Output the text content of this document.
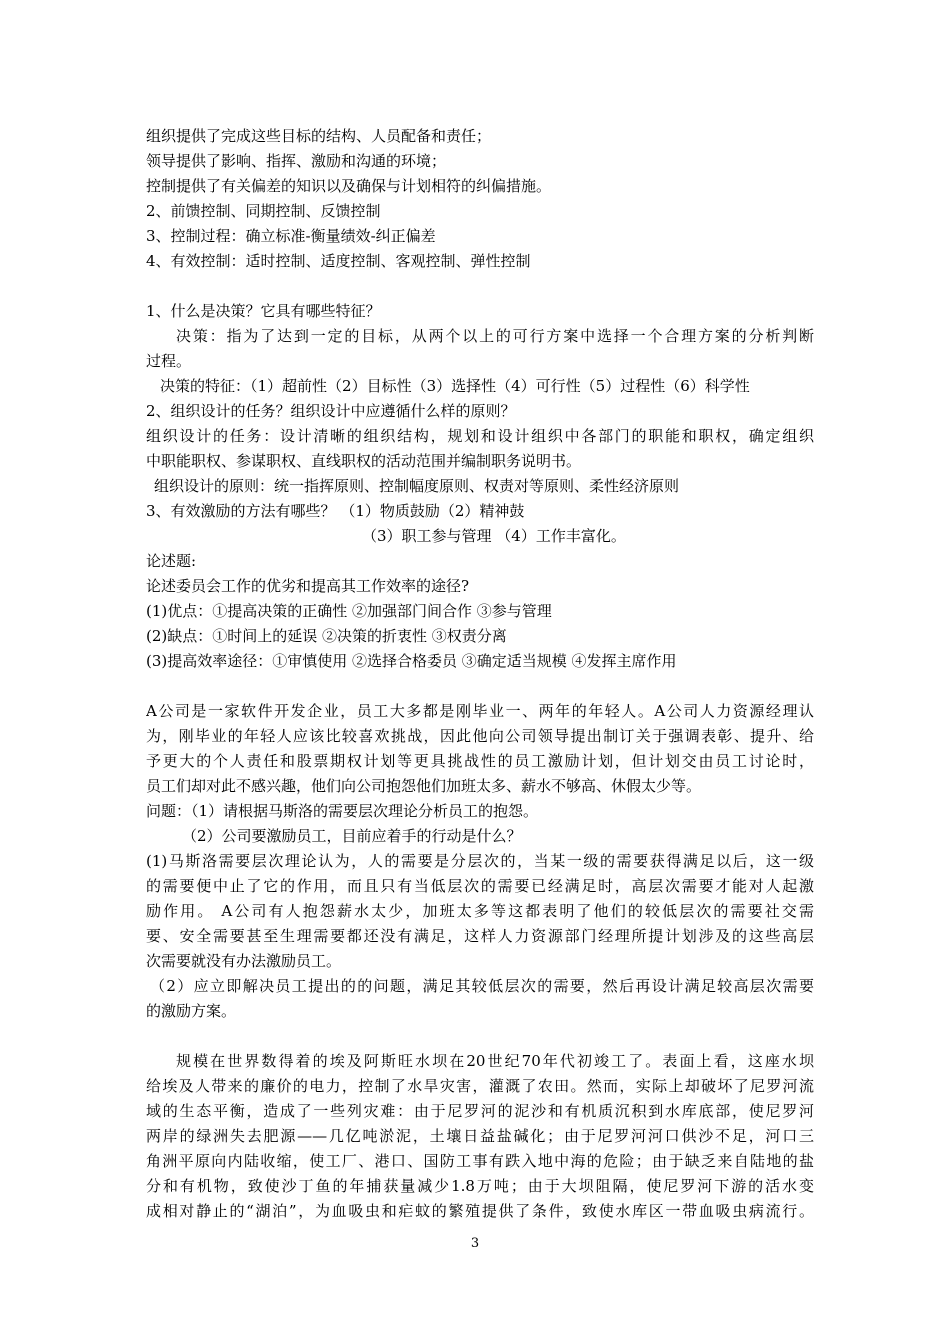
组织提供了完成这些目标的结构、人员配备和责任；
领导提供了影响、指挥、激励和沟通的环境；
控制提供了有关偏差的知识以及确保与计划相符的纠偏措施。
2、前馈控制、同期控制、反馈控制
3、控制过程：确立标准-衡量绩效-纠正偏差
4、有效控制：适时控制、适度控制、客观控制、弹性控制
1、什么是决策？它具有哪些特征？
决策：指为了达到一定的目标，从两个以上的可行方案中选择一个合理方案的分析判断
过程。
决策的特征：（1）超前性（2）目标性（3）选择性（4）可行性（5）过程性（6）科学性
2、组织设计的任务？组织设计中应遵循什么样的原则？
组织设计的任务：设计清晰的组织结构，规划和设计组织中各部门的职能和职权，确定组织
中职能职权、参谋职权、直线职权的活动范围并编制职务说明书。
组织设计的原则：统一指挥原则、控制幅度原则、权责对等原则、柔性经济原则
3、有效激励的方法有哪些？ （1）物质鼓励（2）精神鼓
（3）职工参与管理 （4）工作丰富化。
论述题:
论述委员会工作的优劣和提高其工作效率的途径?
(1)优点：①提高决策的正确性 ②加强部门间合作 ③参与管理
(2)缺点：①时间上的延误 ②决策的折衷性 ③权责分离
(3)提高效率途径：①审慎使用 ②选择合格委员 ③确定适当规模 ④发挥主席作用
A公司是一家软件开发企业，员工大多都是刚毕业一、两年的年轻人。A公司人力资源经理认
为，刚毕业的年轻人应该比较喜欢挑战，因此他向公司领导提出制订关于强调表彰、提升、给
予更大的个人责任和股票期权计划等更具挑战性的员工激励计划，但计划交由员工讨论时，
员工们却对此不感兴趣，他们向公司抱怨他们加班太多、薪水不够高、休假太少等。
问题：（1）请根据马斯洛的需要层次理论分析员工的抱怨。
（2）公司要激励员工，目前应着手的行动是什么？
(1)马斯洛需要层次理论认为，人的需要是分层次的，当某一级的需要获得满足以后，这一级
的需要便中止了它的作用，而且只有当低层次的需要已经满足时，高层次需要才能对人起激
励作用。 A公司有人抱怨薪水太少，加班太多等这都表明了他们的较低层次的需要社交需
要、安全需要甚至生理需要都还没有满足，这样人力资源部门经理所提计划涉及的这些高层
次需要就没有办法激励员工。
（2）应立即解决员工提出的的问题，满足其较低层次的需要，然后再设计满足较高层次需要
的激励方案。
规模在世界数得着的埃及阿斯旺水坝在20世纪70年代初竣工了。表面上看，这座水坝
给埃及人带来的廉价的电力，控制了水旱灾害，灌溉了农田。然而，实际上却破坏了尼罗河流
域的生态平衡，造成了一些列灾难：由于尼罗河的泥沙和有机质沉积到水库底部，使尼罗河
两岸的绿洲失去肥源——几亿吨淤泥，土壤日益盐碱化；由于尼罗河河口供沙不足，河口三
角洲平原向内陆收缩，使工厂、港口、国防工事有跌入地中海的危险；由于缺乏来自陆地的盐
分和有机物，致使沙丁鱼的年捕获量减少1.8万吨；由于大坝阻隔，使尼罗河下游的活水变
成相对静止的“湖泊”，为血吸虫和疟蚊的繁殖提供了条件，致使水库区一带血吸虫病流行。
3
